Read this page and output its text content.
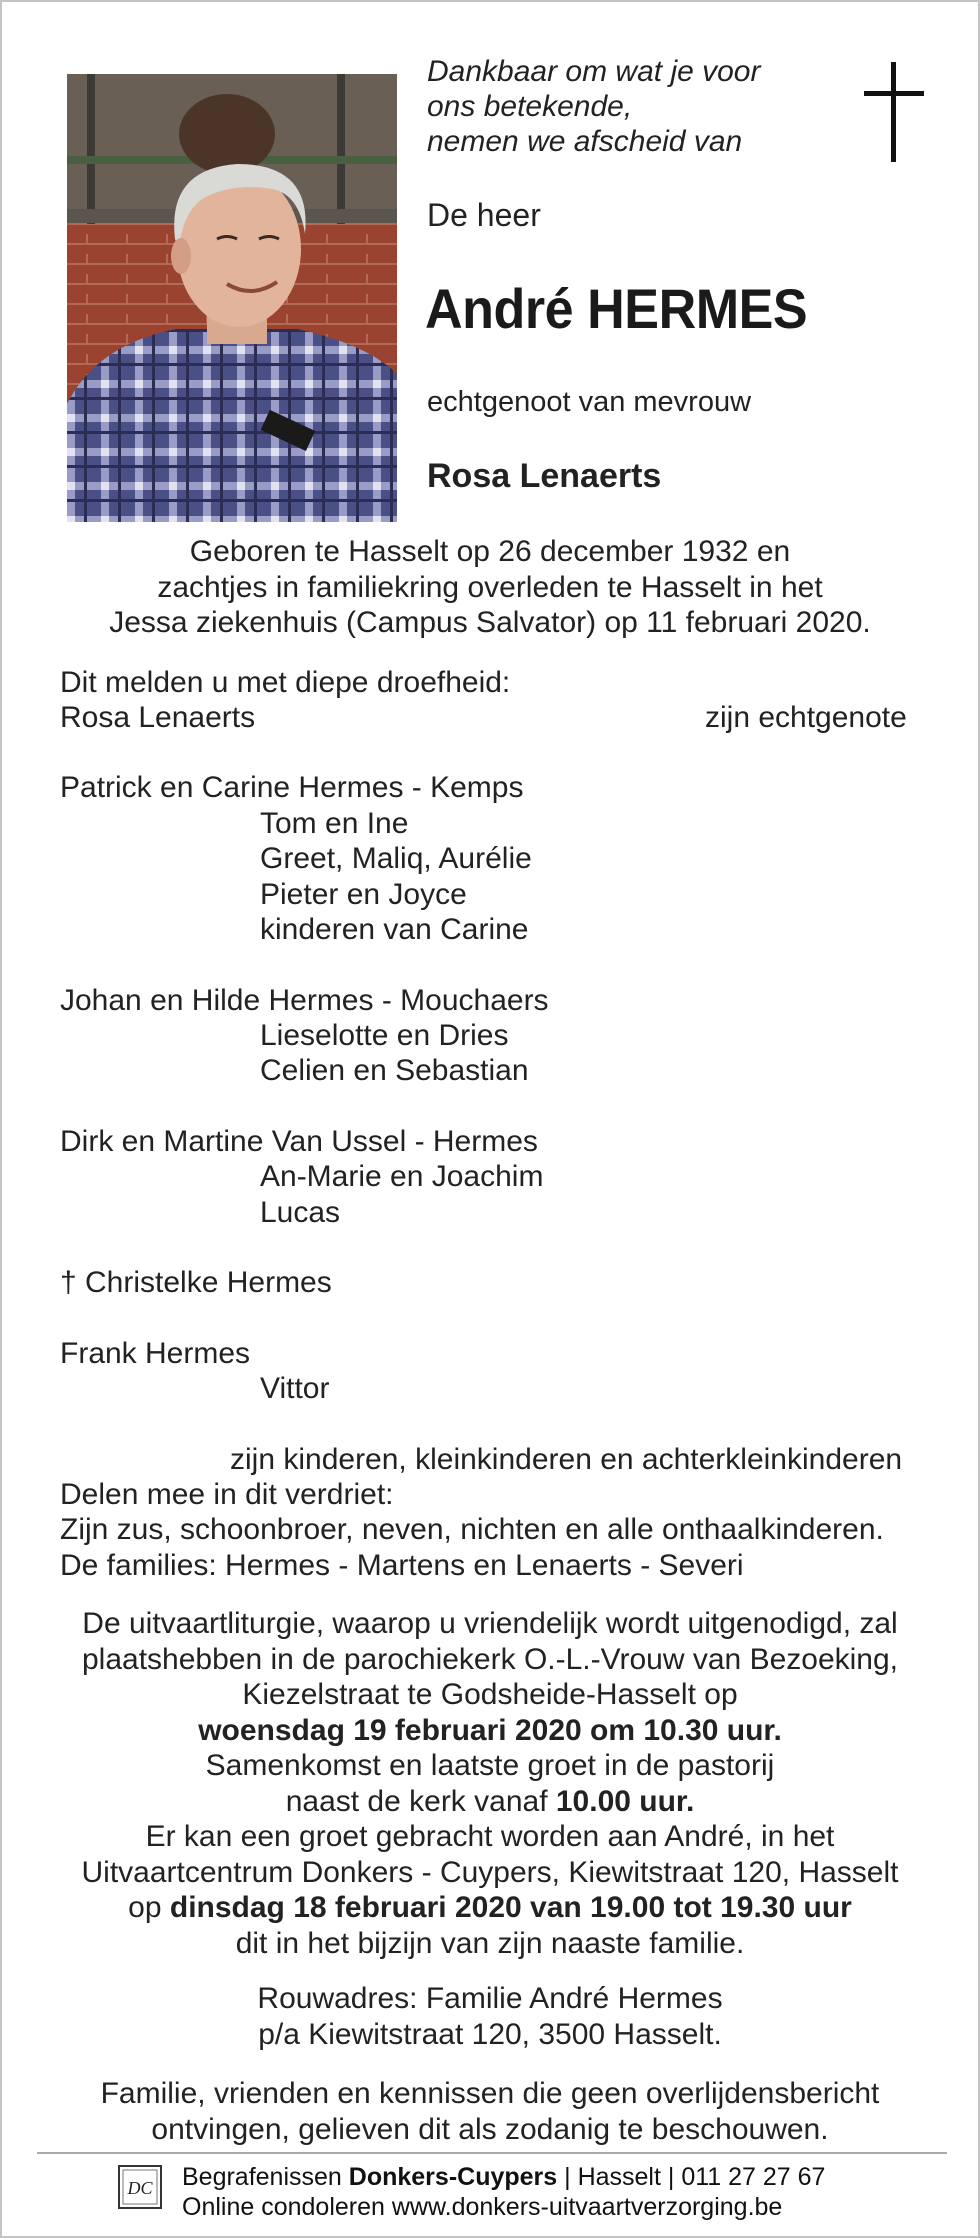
Dankbaar om wat je voor
ons betekende,
nemen we afscheid van
De heer
André HERMES
echtgenoot van mevrouw
Rosa Lenaerts
Geboren te Hasselt op 26 december 1932 en
zachtjes in familiekring overleden te Hasselt in het
Jessa ziekenhuis (Campus Salvator) op 11 februari 2020.
Dit melden u met diepe droefheid:
Rosa Lenaerts	zijn echtgenote
Patrick en Carine Hermes - Kemps
Tom en Ine
Greet, Maliq, Aurélie
Pieter en Joyce
kinderen van Carine
Johan en Hilde Hermes - Mouchaers
Lieselotte en Dries
Celien en Sebastian
Dirk en Martine Van Ussel - Hermes
An-Marie en Joachim
Lucas
† Christelke Hermes
Frank Hermes
Vittor
zijn kinderen, kleinkinderen en achterkleinkinderen
Delen mee in dit verdriet:
Zijn zus, schoonbroer, neven, nichten en alle onthaalkinderen.
De families: Hermes - Martens en Lenaerts - Severi
De uitvaartliturgie, waarop u vriendelijk wordt uitgenodigd, zal
plaatshebben in de parochiekerk O.-L.-Vrouw van Bezoeking,
Kiezelstraat te Godsheide-Hasselt op
woensdag 19 februari 2020 om 10.30 uur.
Samenkomst en laatste groet in de pastorij
naast de kerk vanaf 10.00 uur.
Er kan een groet gebracht worden aan André, in het
Uitvaartcentrum Donkers - Cuypers, Kiewitstraat 120, Hasselt
op dinsdag 18 februari 2020 van 19.00 tot 19.30 uur
dit in het bijzijn van zijn naaste familie.
Rouwadres: Familie André Hermes
p/a Kiewitstraat 120, 3500 Hasselt.
Familie, vrienden en kennissen die geen overlijdensbericht
ontvingen, gelieven dit als zodanig te beschouwen.
DC Begrafenissen Donkers-Cuypers | Hasselt | 011 27 27 67
Online condoleren www.donkers-uitvaartverzorging.be
